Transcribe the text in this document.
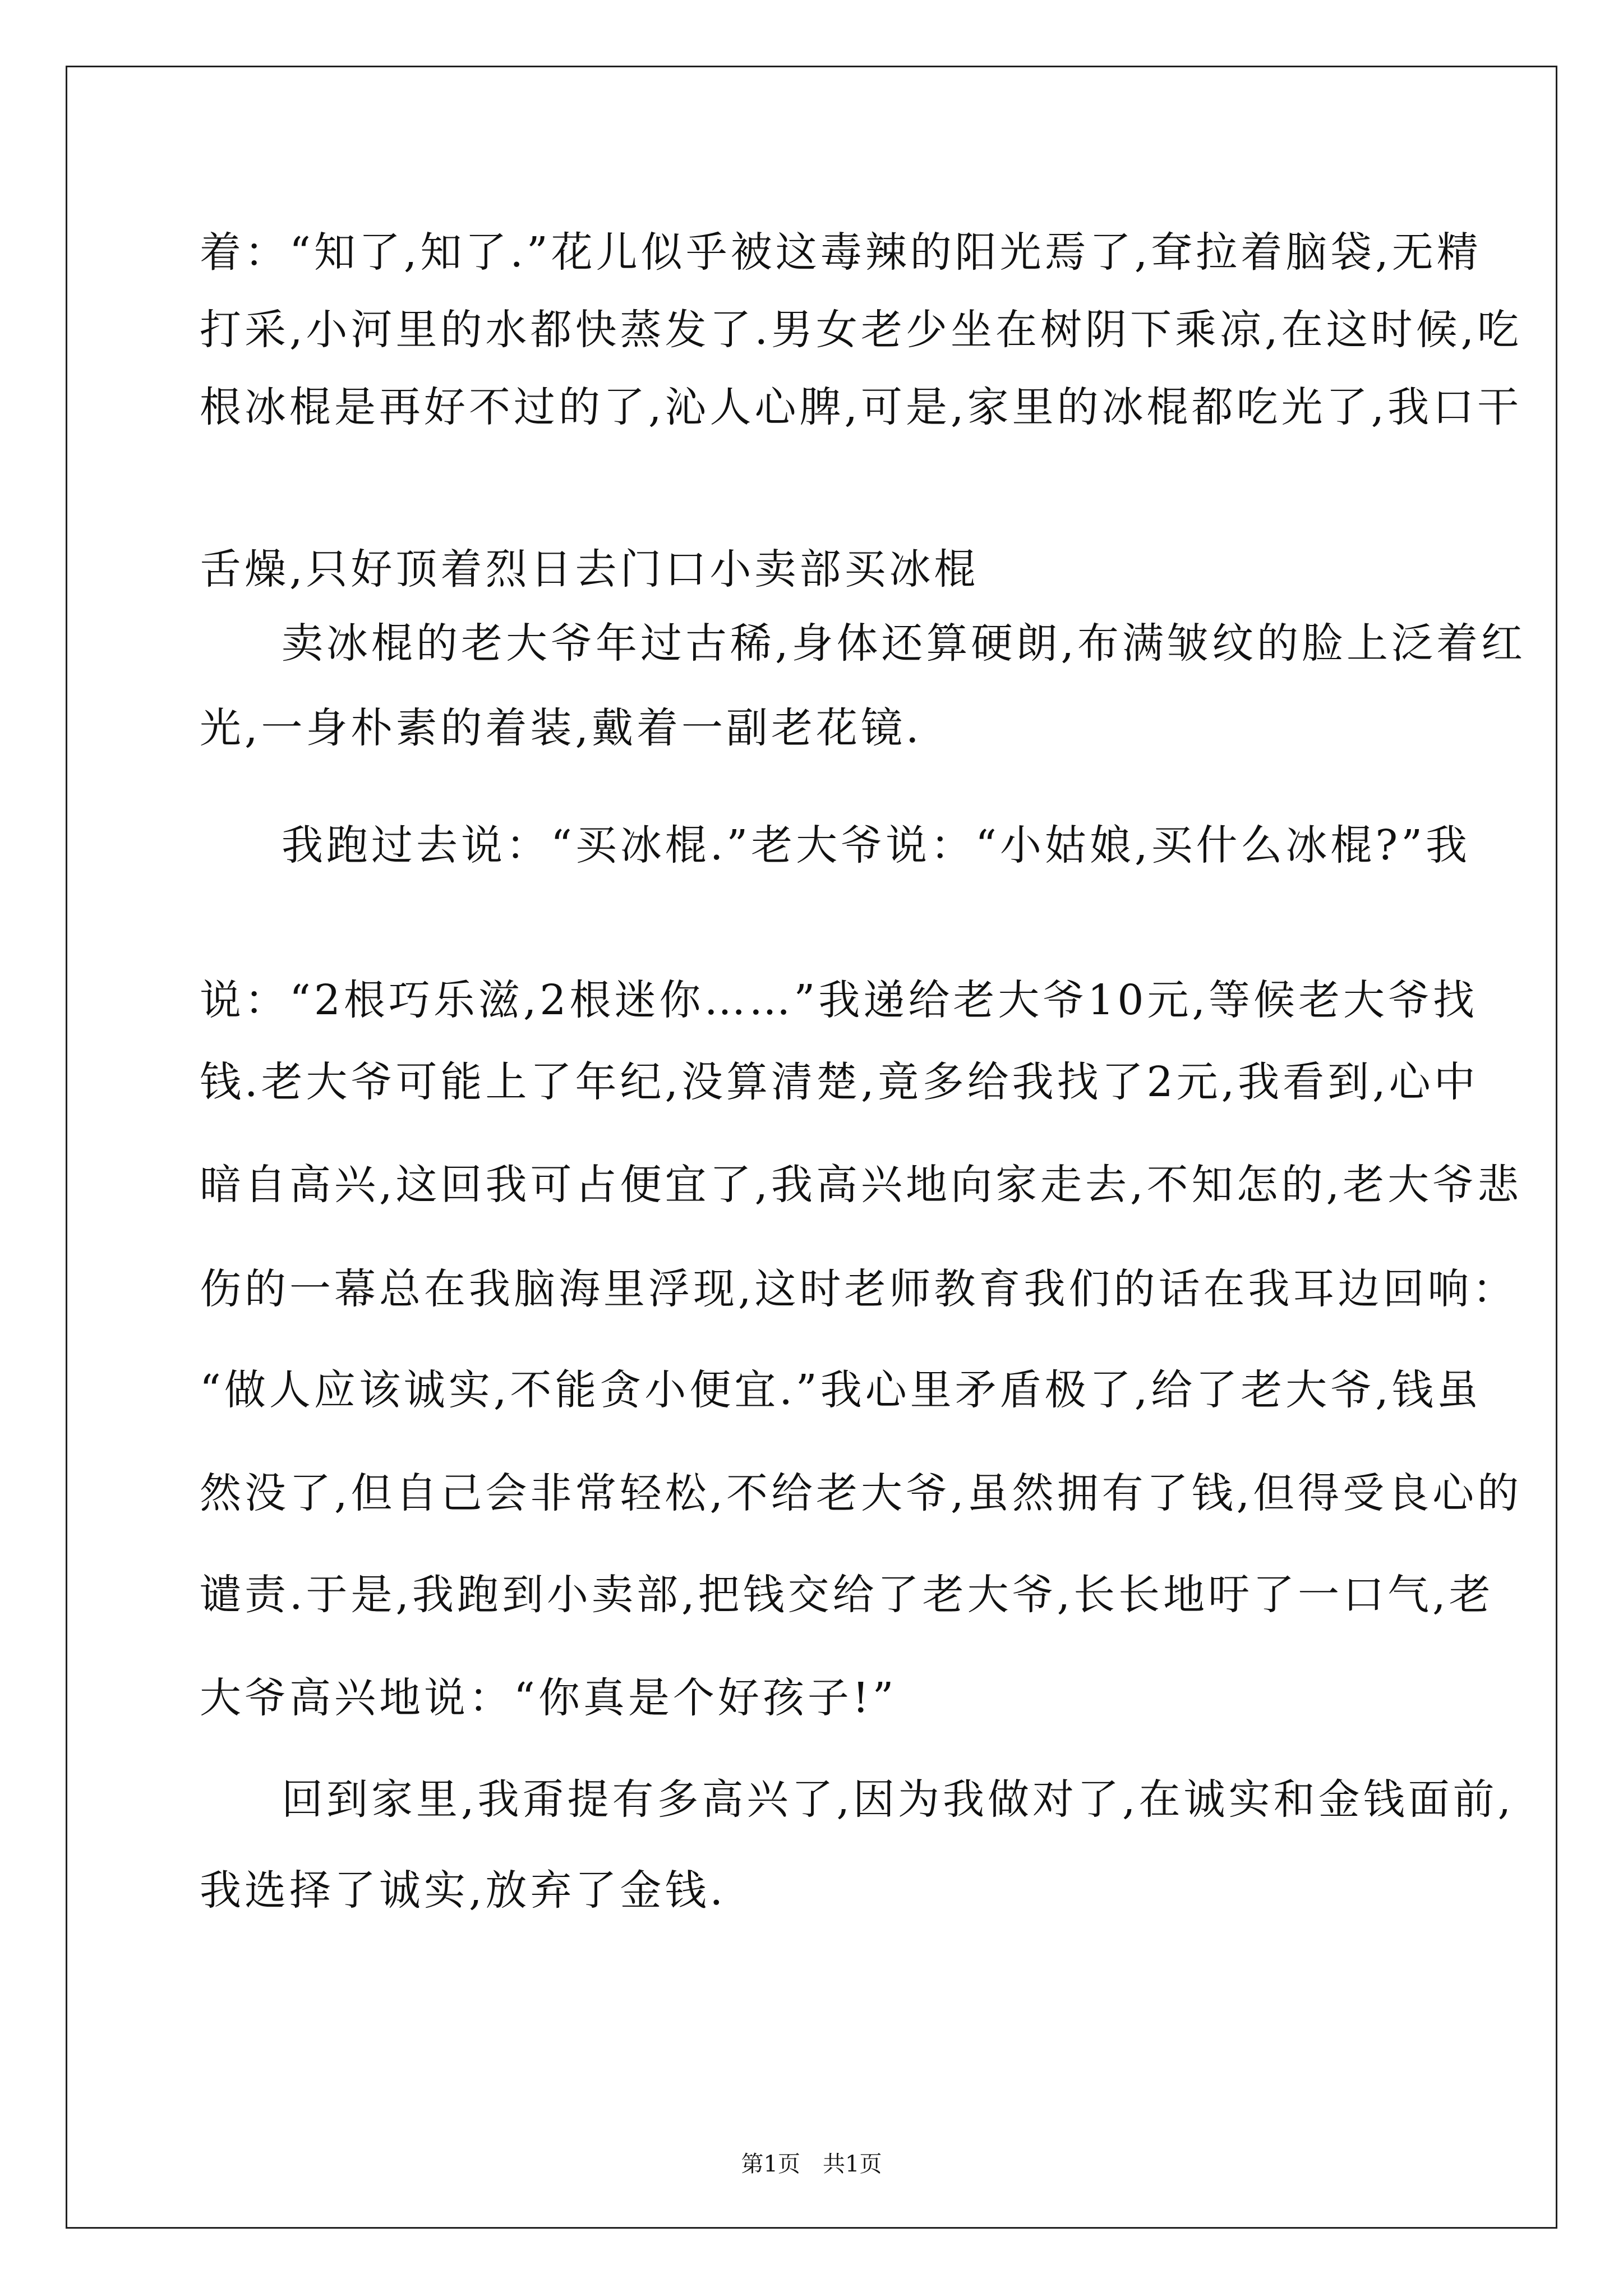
着：“知了,知了.”花儿似乎被这毒辣的阳光焉了,耷拉着脑袋,无精
打采,小河里的水都快蒸发了.男女老少坐在树阴下乘凉,在这时候,吃
根冰棍是再好不过的了,沁人心脾,可是,家里的冰棍都吃光了,我口干
舌燥,只好顶着烈日去门口小卖部买冰棍
卖冰棍的老大爷年过古稀,身体还算硬朗,布满皱纹的脸上泛着红
光,一身朴素的着装,戴着一副老花镜.
我跑过去说：“买冰棍.”老大爷说：“小姑娘,买什么冰棍?”我
说：“2根巧乐滋,2根迷你……”我递给老大爷10元,等候老大爷找
钱.老大爷可能上了年纪,没算清楚,竟多给我找了2元,我看到,心中
暗自高兴,这回我可占便宜了,我高兴地向家走去,不知怎的,老大爷悲
伤的一幕总在我脑海里浮现,这时老师教育我们的话在我耳边回响：
“做人应该诚实,不能贪小便宜.”我心里矛盾极了,给了老大爷,钱虽
然没了,但自己会非常轻松,不给老大爷,虽然拥有了钱,但得受良心的
谴责.于是,我跑到小卖部,把钱交给了老大爷,长长地吁了一口气,老
大爷高兴地说：“你真是个好孩子!”
回到家里,我甭提有多高兴了,因为我做对了,在诚实和金钱面前,
我选择了诚实,放弃了金钱.
第1页　共1页
